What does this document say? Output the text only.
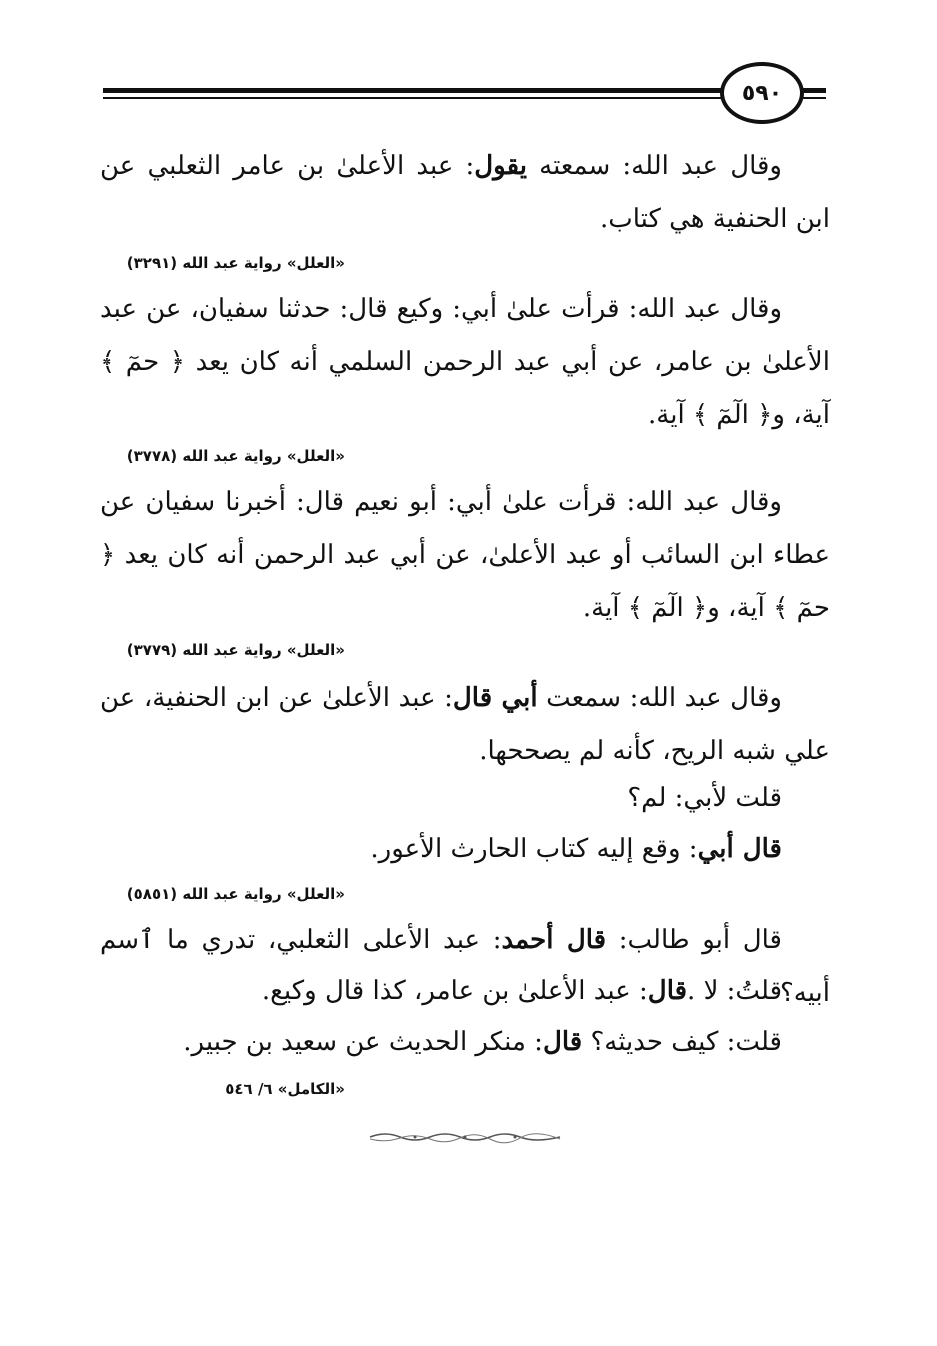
٥٩٠

وقال عبد الله: سمعته يقول: عبد الأعلىٰ بن عامر الثعلبي عن ابن الحنفية هي كتاب.

«العلل» رواية عبد الله (٣٢٩١)

وقال عبد الله: قرأت علىٰ أبي: وكيع قال: حدثنا سفيان، عن عبد الأعلىٰ بن عامر، عن أبي عبد الرحمن السلمي أنه كان يعد ﴿ حمٓ ﴾ آية، و﴿ الٓمٓ ﴾ آية.

«العلل» رواية عبد الله (٣٧٧٨)

وقال عبد الله: قرأت علىٰ أبي: أبو نعيم قال: أخبرنا سفيان عن عطاء ابن السائب أو عبد الأعلىٰ، عن أبي عبد الرحمن أنه كان يعد ﴿ حمٓ ﴾ آية، و﴿ الٓمٓ ﴾ آية.

«العلل» رواية عبد الله (٣٧٧٩)

وقال عبد الله: سمعت أبي قال: عبد الأعلىٰ عن ابن الحنفية، عن علي شبه الريح، كأنه لم يصححها.

قلت لأبي: لم؟

قال أبي: وقع إليه كتاب الحارث الأعور.

«العلل» رواية عبد الله (٥٨٥١)

قال أبو طالب: قال أحمد: عبد الأعلى الثعلبي، تدري ما ٱسم أبيه؟

قلتُ: لا .قال: عبد الأعلىٰ بن عامر، كذا قال وكيع.

قلت: كيف حديثه؟ قال: منكر الحديث عن سعيد بن جبير.

«الكامل» ٦/ ٥٤٦
